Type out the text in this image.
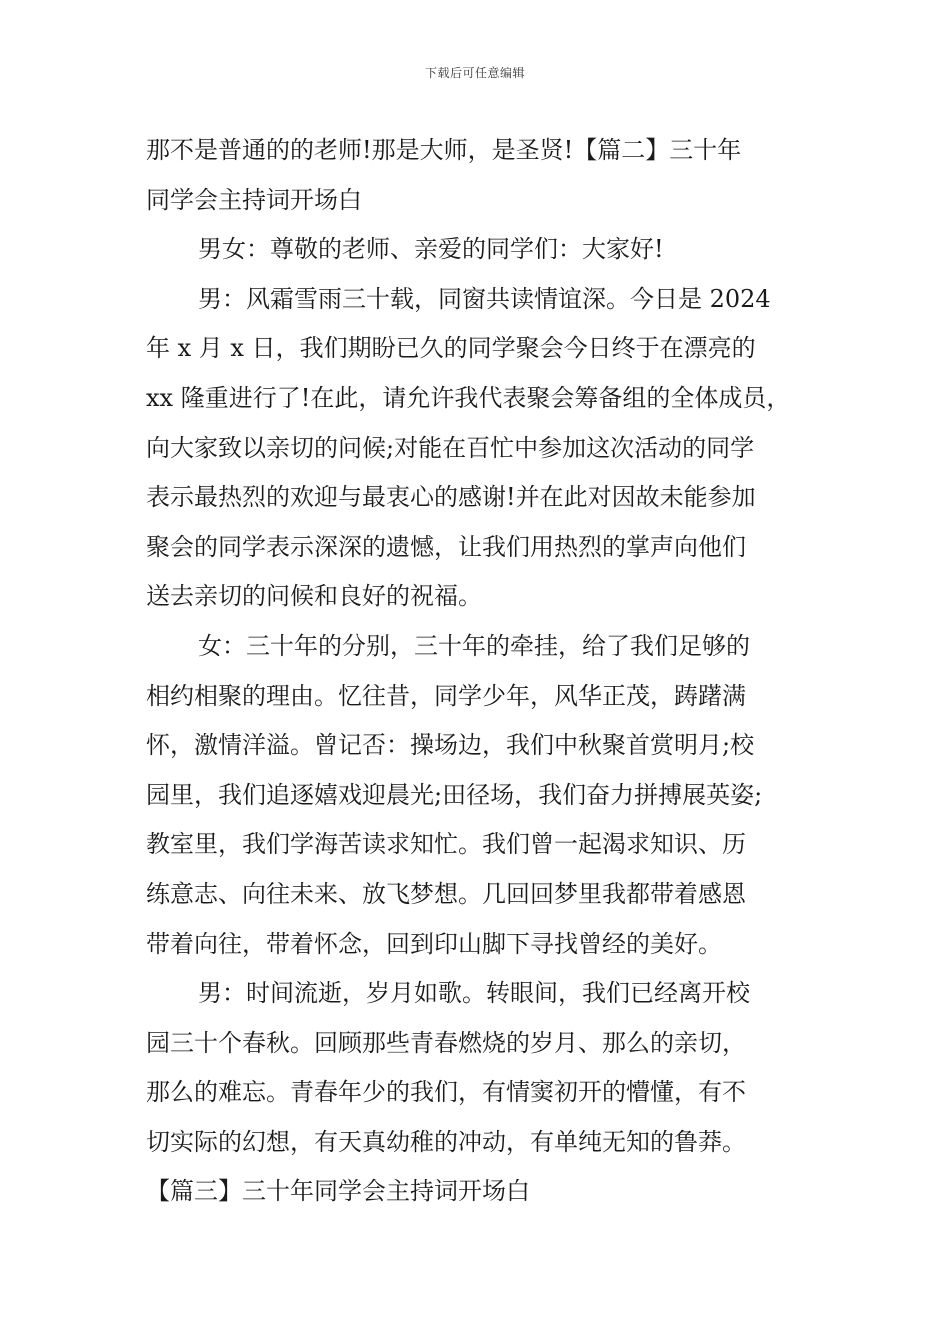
下载后可任意编辑
那不是普通的的老师!那是大师，是圣贤!【篇二】三十年
同学会主持词开场白
男女：尊敬的老师、亲爱的同学们：大家好!
男：风霜雪雨三十载，同窗共读情谊深。今日是 2024
年 x 月 x 日，我们期盼已久的同学聚会今日终于在漂亮的
xx 隆重进行了!在此，请允许我代表聚会筹备组的全体成员，
向大家致以亲切的问候;对能在百忙中参加这次活动的同学
表示最热烈的欢迎与最衷心的感谢!并在此对因故未能参加
聚会的同学表示深深的遗憾，让我们用热烈的掌声向他们
送去亲切的问候和良好的祝福。
女：三十年的分别，三十年的牵挂，给了我们足够的
相约相聚的理由。忆往昔，同学少年，风华正茂，踌躇满
怀，激情洋溢。曾记否：操场边，我们中秋聚首赏明月;校
园里，我们追逐嬉戏迎晨光;田径场，我们奋力拼搏展英姿;
教室里，我们学海苦读求知忙。我们曾一起渴求知识、历
练意志、向往未来、放飞梦想。几回回梦里我都带着感恩
带着向往，带着怀念，回到印山脚下寻找曾经的美好。
男：时间流逝，岁月如歌。转眼间，我们已经离开校
园三十个春秋。回顾那些青春燃烧的岁月、那么的亲切，
那么的难忘。青春年少的我们，有情窦初开的懵懂，有不
切实际的幻想，有天真幼稚的冲动，有单纯无知的鲁莽。
【篇三】三十年同学会主持词开场白
